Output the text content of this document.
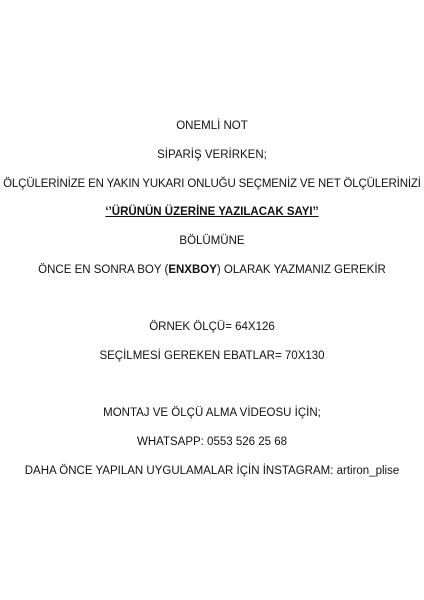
ONEMLİ NOT
SİPARİŞ VERİRKEN;
ÖLÇÜLERİNİZE EN YAKIN YUKARI ONLUĞU SEÇMENİZ VE NET ÖLÇÜLERİNİZİ
‘’ÜRÜNÜN ÜZERİNE YAZILACAK SAYI’’
BÖLÜMÜNE
ÖNCE EN SONRA BOY (ENXBOY) OLARAK YAZMANIZ GEREKİR
ÖRNEK ÖLÇÜ= 64X126
SEÇİLMESİ GEREKEN EBATLAR= 70X130
MONTAJ VE ÖLÇÜ ALMA VİDEOSU İÇİN;
WHATSAPP: 0553 526 25 68
DAHA ÖNCE YAPILAN UYGULAMALAR İÇİN İNSTAGRAM: artiron_plise
